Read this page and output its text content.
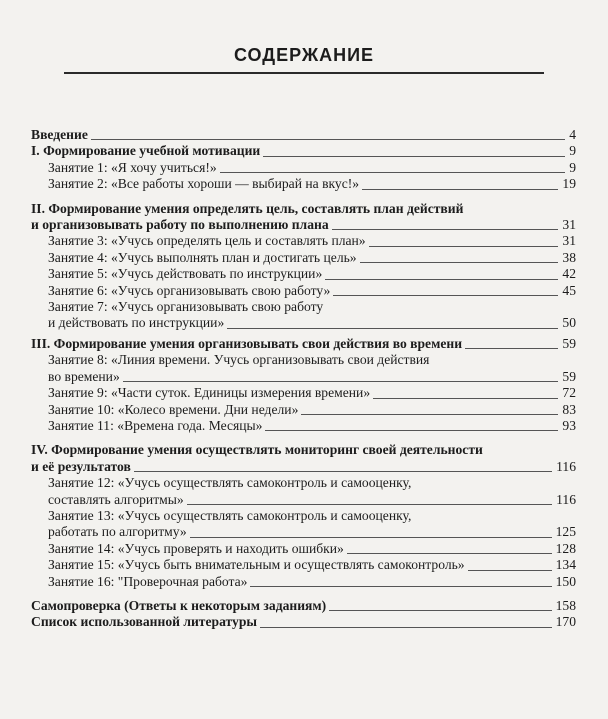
СОДЕРЖАНИЕ
Введение	4
I. Формирование учебной мотивации	9
Занятие 1: «Я хочу учиться!»	9
Занятие 2: «Все работы хороши — выбирай на вкус!»	19
II. Формирование умения определять цель, составлять план действий
и организовывать работу по выполнению плана	31
Занятие 3: «Учусь определять цель и составлять план»	31
Занятие 4: «Учусь выполнять план и достигать цель»	38
Занятие 5: «Учусь действовать по инструкции»	42
Занятие 6: «Учусь организовывать свою работу»	45
Занятие 7: «Учусь организовывать свою работу
и действовать по инструкции»	50
III. Формирование умения организовывать свои действия во времени	59
Занятие 8: «Линия времени. Учусь организовывать свои действия
во времени»	59
Занятие 9: «Части суток. Единицы измерения времени»	72
Занятие 10: «Колесо времени. Дни недели»	83
Занятие 11: «Времена года. Месяцы»	93
IV. Формирование умения осуществлять мониторинг своей деятельности
и её результатов	116
Занятие 12: «Учусь осуществлять самоконтроль и самооценку,
составлять алгоритмы»	116
Занятие 13: «Учусь осуществлять самоконтроль и самооценку,
работать по алгоритму»	125
Занятие 14: «Учусь проверять и находить ошибки»	128
Занятие 15: «Учусь быть внимательным и осуществлять самоконтроль»	134
Занятие 16: "Проверочная работа»	150
Самопроверка (Ответы к некоторым заданиям)	158
Список использованной литературы	170
